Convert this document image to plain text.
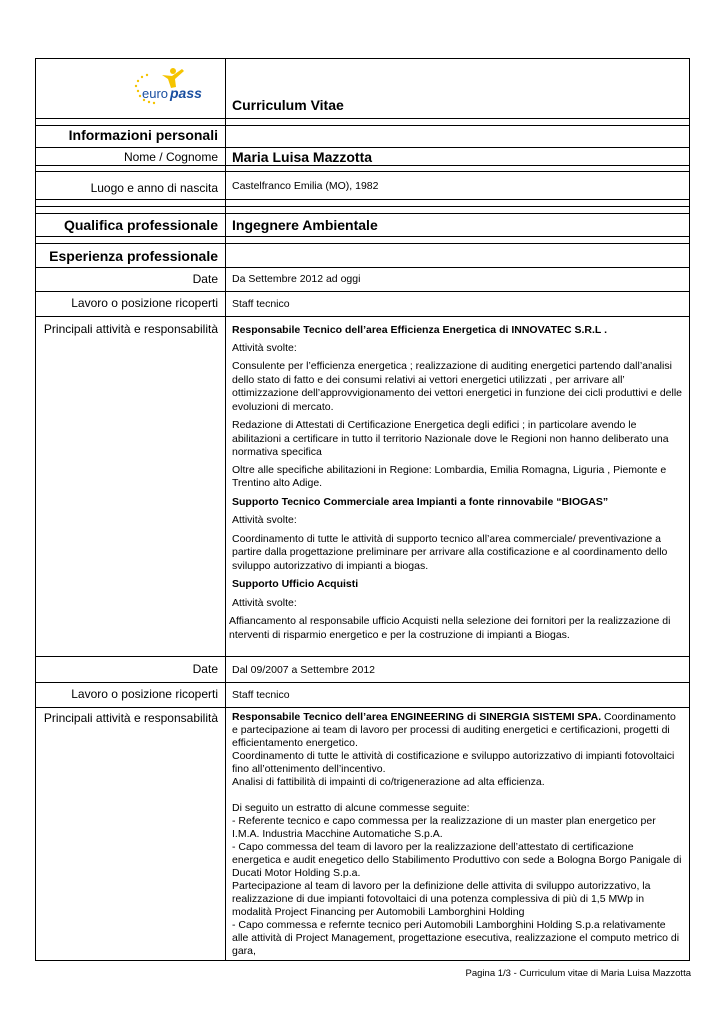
euro pass
Curriculum Vitae
Informazioni personali
Nome / Cognome Maria Luisa Mazzotta
Luogo e anno di nascita Castelfranco Emilia (MO), 1982
Qualifica professionale Ingegnere Ambientale
Esperienza professionale
Date Da Settembre 2012 ad oggi
Lavoro o posizione ricoperti Staff tecnico
Principali attività e responsabilità Responsabile Tecnico dell’area Efficienza Energetica di INNOVATEC S.R.L .

Attività svolte:

Consulente per l’efficienza energetica ; realizzazione di auditing energetici partendo dall’analisi dello stato di fatto e dei consumi relativi ai vettori energetici utilizzati , per arrivare all’ ottimizzazione dell’approvvigionamento dei vettori energetici in funzione dei cicli produttivi e delle evoluzioni di mercato.

Redazione di Attestati di Certificazione Energetica degli edifici ; in particolare avendo le abilitazioni a certificare in tutto il territorio Nazionale dove le Regioni non hanno deliberato una normativa specifica

Oltre alle specifiche abilitazioni in Regione: Lombardia, Emilia Romagna, Liguria , Piemonte e Trentino alto Adige.

Supporto Tecnico Commerciale area Impianti a fonte rinnovabile “BIOGAS”

Attività svolte:

Coordinamento di tutte le attività di supporto tecnico all’area commerciale/ preventivazione a partire dalla progettazione preliminare per arrivare alla costificazione e al coordinamento dello sviluppo autorizzativo di impianti a biogas.

Supporto Ufficio Acquisti

Attività svolte:

Affiancamento al responsabile ufficio Acquisti nella selezione dei fornitori per la realizzazione di nterventi di risparmio energetico e per la costruzione di impianti a Biogas.

Date Dal 09/2007 a Settembre 2012
Lavoro o posizione ricoperti Staff tecnico
Principali attività e responsabilità Responsabile Tecnico dell’area ENGINEERING di SINERGIA SISTEMI SPA. Coordinamento e partecipazione ai team di lavoro per processi di auditing energetici e certificazioni, progetti di efficientamento energetico.

Coordinamento di tutte le attività di costificazione e sviluppo autorizzativo di impianti fotovoltaici fino all’ottenimento dell’incentivo.

Analisi di fattibilità di impainti di co/trigenerazione ad alta efficienza.

Di seguito un estratto di alcune commesse seguite:

- Referente tecnico e capo commessa per la realizzazione di un master plan energetico per I.M.A. Industria Macchine Automatiche S.p.A.

- Capo commessa del team di lavoro per la realizzazione dell’attestato di certificazione energetica e audit enegetico dello Stabilimento Produttivo con sede a Bologna Borgo Panigale di Ducati Motor Holding S.p.a.

Partecipazione al team di lavoro per la definizione delle attivita di sviluppo autorizzativo, la realizzazione di due impianti fotovoltaici di una potenza complessiva di più di 1,5 MWp in modalità Project Financing per Automobili Lamborghini Holding

- Capo commessa e refernte tecnico peri Automobili Lamborghini Holding S.p.a relativamente alle attività di Project Management, progettazione esecutiva, realizzazione el computo metrico di gara,

Pagina 1/3 - Curriculum vitae di Maria Luisa Mazzotta
